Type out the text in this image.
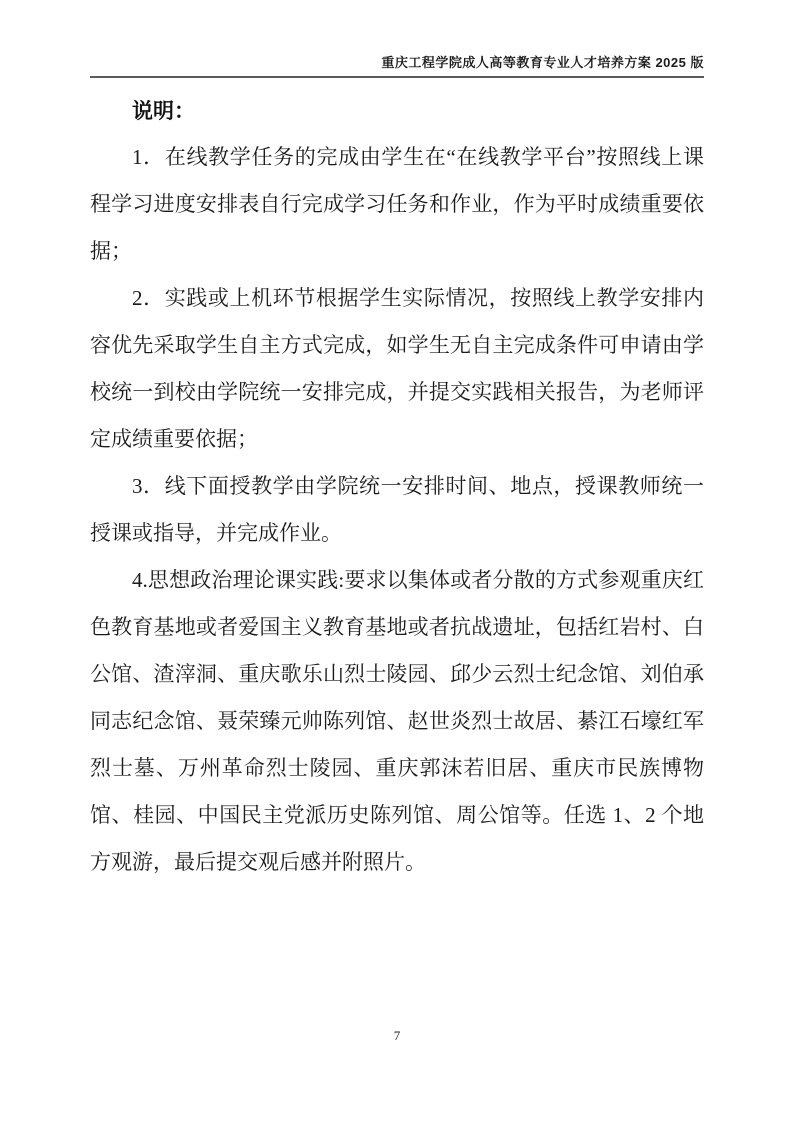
重庆工程学院成人高等教育专业人才培养方案 2025 版
说明：

1．在线教学任务的完成由学生在“在线教学平台”按照线上课程学习进度安排表自行完成学习任务和作业，作为平时成绩重要依据；

2．实践或上机环节根据学生实际情况，按照线上教学安排内容优先采取学生自主方式完成，如学生无自主完成条件可申请由学校统一到校由学院统一安排完成，并提交实践相关报告，为老师评定成绩重要依据；

3．线下面授教学由学院统一安排时间、地点，授课教师统一授课或指导，并完成作业。

4.思想政治理论课实践:要求以集体或者分散的方式参观重庆红色教育基地或者爱国主义教育基地或者抗战遗址，包括红岩村、白公馆、渣滓洞、重庆歌乐山烈士陵园、邱少云烈士纪念馆、刘伯承同志纪念馆、聂荣臻元帅陈列馆、赵世炎烈士故居、綦江石壕红军烈士墓、万州革命烈士陵园、重庆郭沫若旧居、重庆市民族博物馆、桂园、中国民主党派历史陈列馆、周公馆等。任选 1、2 个地方观游，最后提交观后感并附照片。

7
